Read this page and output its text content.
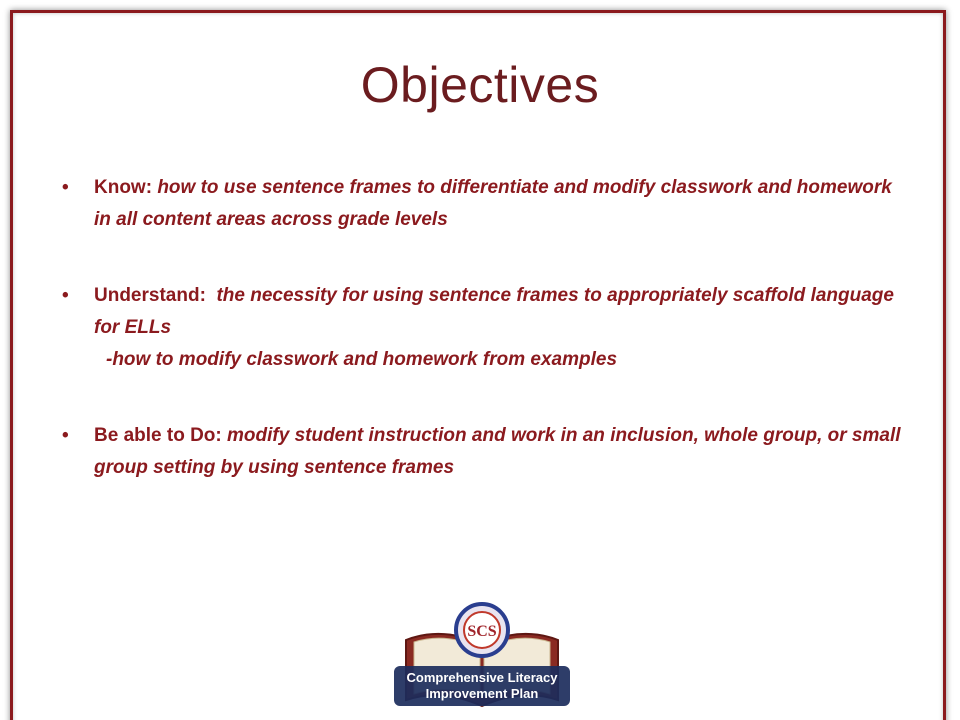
Objectives
•	Know: how to use sentence frames to differentiate and modify classwork and homework in all content areas across grade levels
•	Understand:  the necessity for using sentence frames to appropriately scaffold language for ELLs
-how to modify classwork and homework from examples
•	Be able to Do: modify student instruction and work in an inclusion, whole group, or small group setting by using sentence frames
SCS
Comprehensive Literacy
Improvement Plan
